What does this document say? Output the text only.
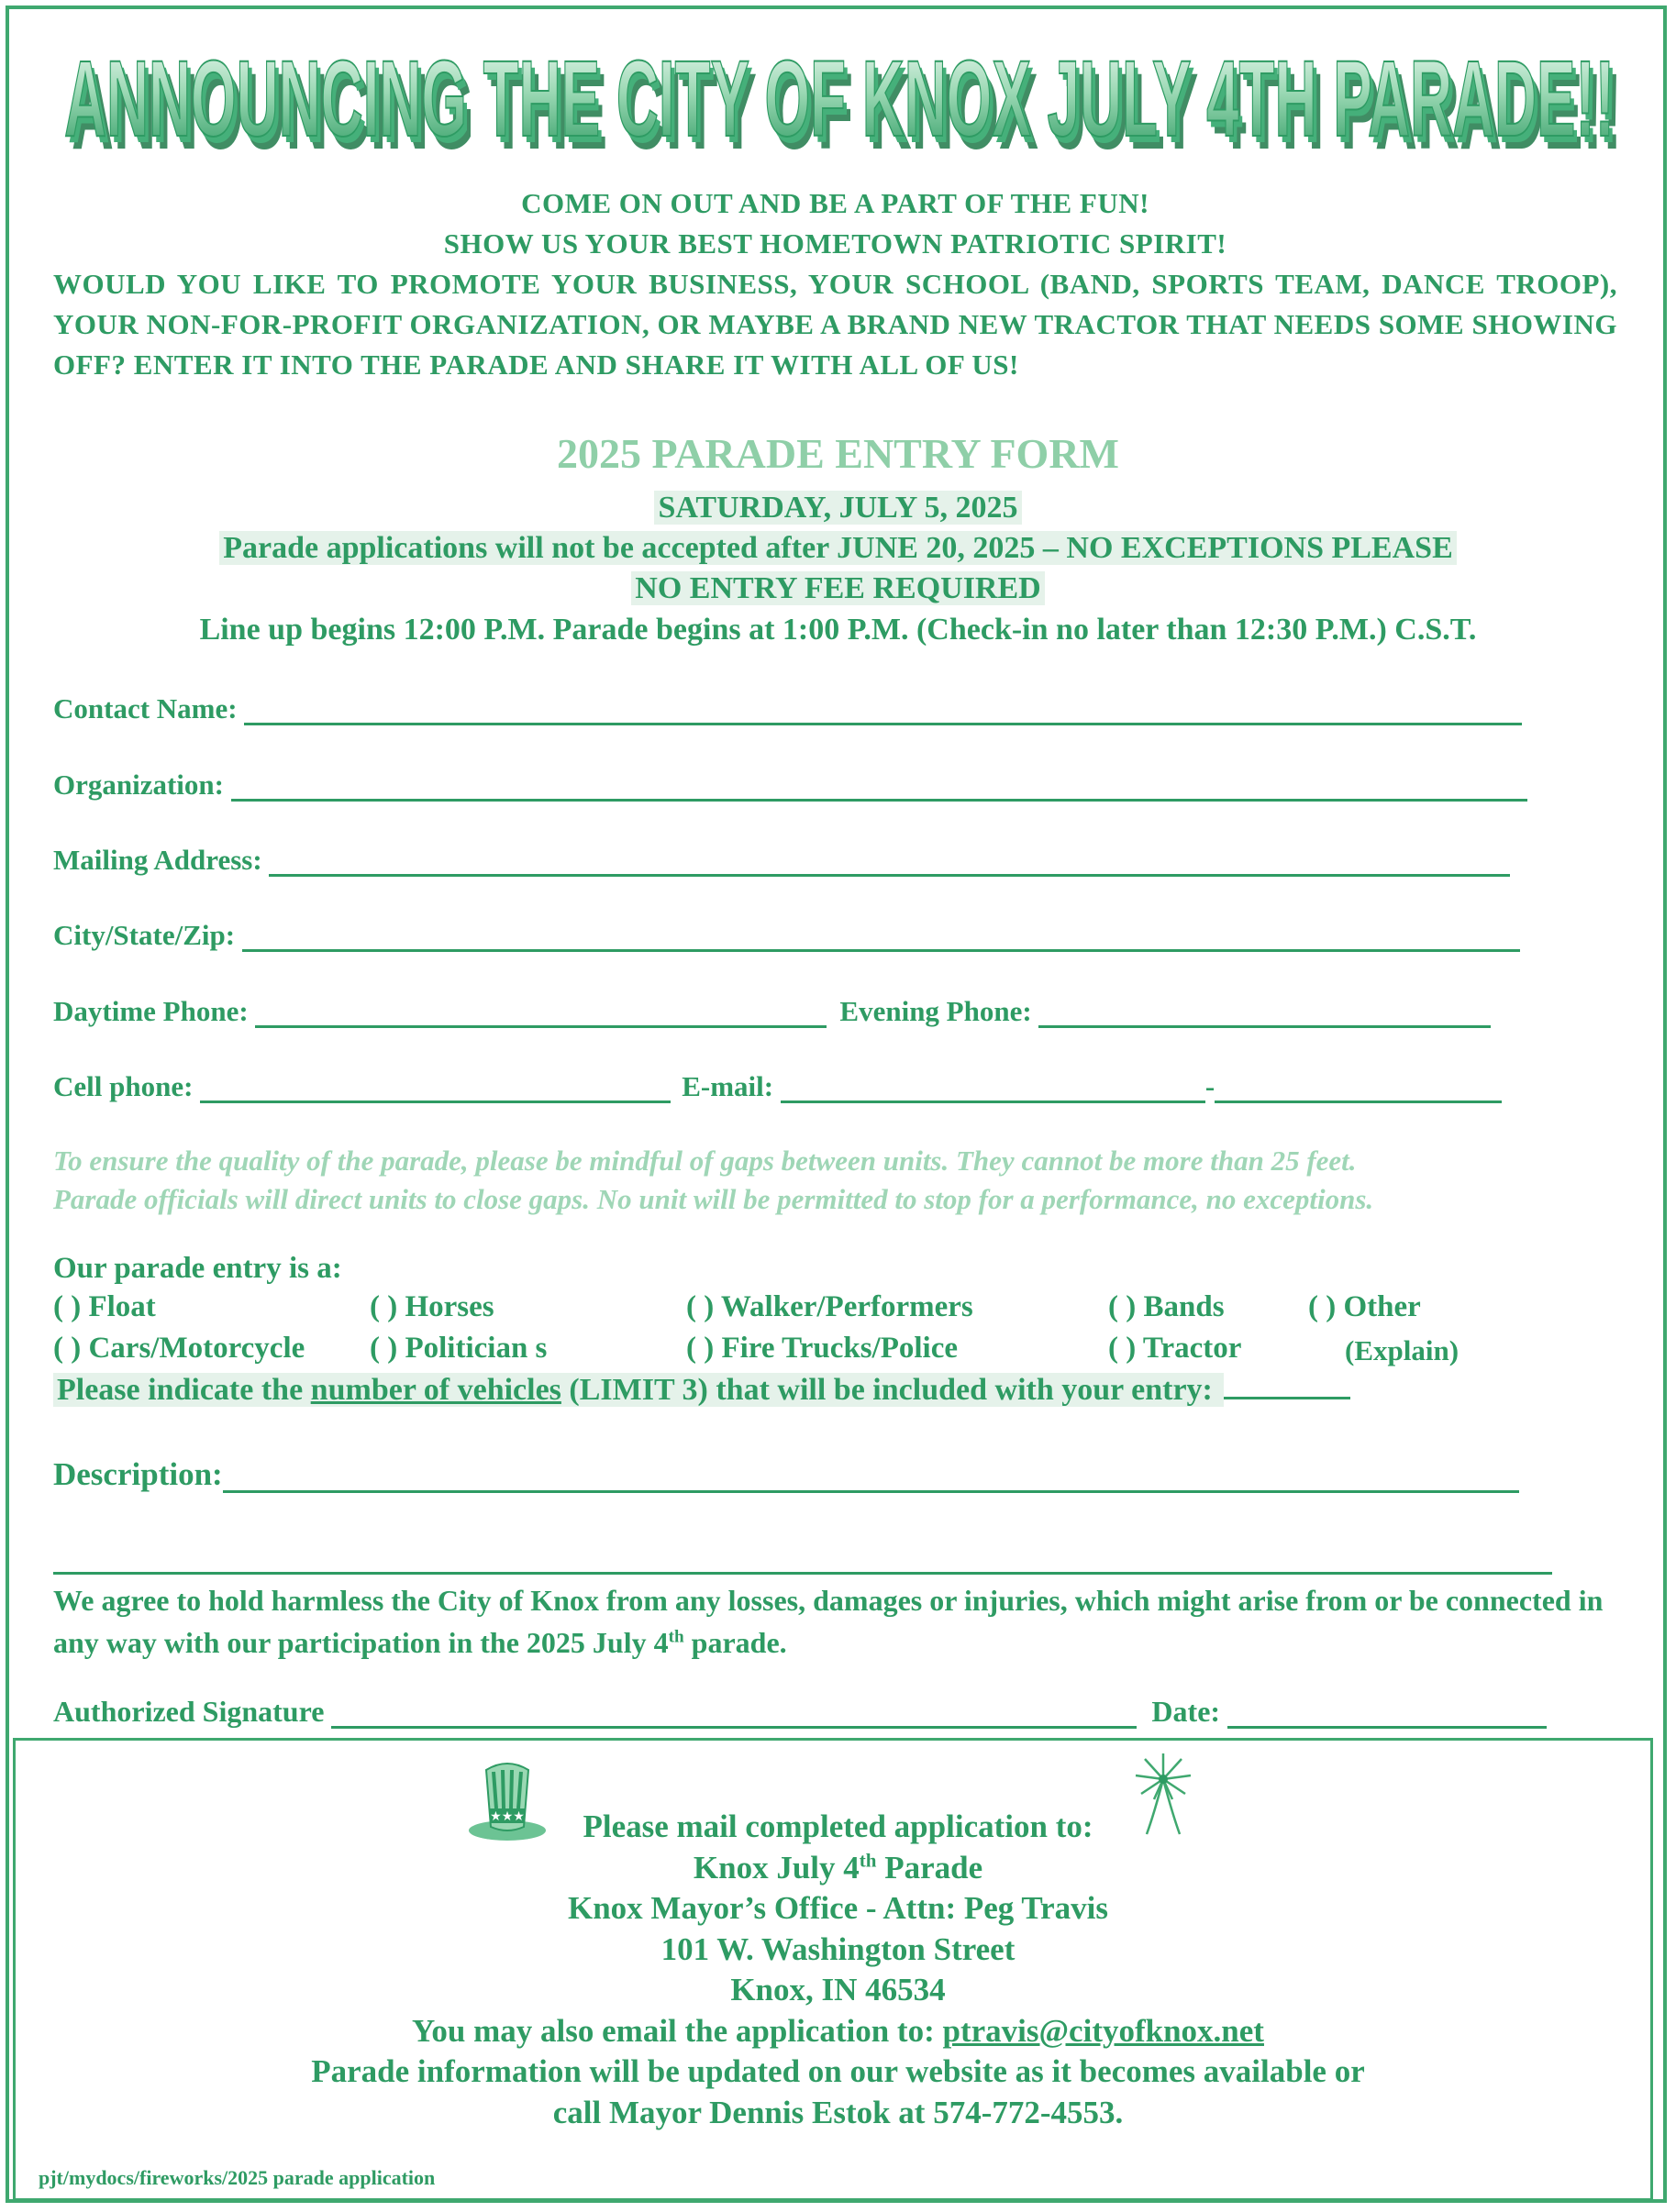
ANNOUNCING THE CITY OF KNOX JULY 4TH PARADE!!
ANNOUNCING THE CITY OF KNOX JULY 4TH PARADE!!
ANNOUNCING THE CITY OF KNOX JULY 4TH PARADE!!
COME ON OUT AND BE A PART OF THE FUN!
SHOW US YOUR BEST HOMETOWN PATRIOTIC SPIRIT!
WOULD YOU LIKE TO PROMOTE YOUR BUSINESS, YOUR SCHOOL (BAND, SPORTS TEAM, DANCE TROOP), YOUR NON-FOR-PROFIT ORGANIZATION, OR MAYBE A BRAND NEW TRACTOR THAT NEEDS SOME SHOWING OFF? ENTER IT INTO THE PARADE AND SHARE IT WITH ALL OF US!
2025 PARADE ENTRY FORM
SATURDAY, JULY 5, 2025
Parade applications will not be accepted after JUNE 20, 2025 – NO EXCEPTIONS PLEASE
NO ENTRY FEE REQUIRED
Line up begins 12:00 P.M. Parade begins at 1:00 P.M. (Check-in no later than 12:30 P.M.) C.S.T.
Contact Name:
Organization:
Mailing Address:
City/State/Zip:
Daytime Phone:	Evening Phone:
Cell phone:	E-mail:	-
To ensure the quality of the parade, please be mindful of gaps between units. They cannot be more than 25 feet.
Parade officials will direct units to close gaps. No unit will be permitted to stop for a performance, no exceptions.
Our parade entry is a:
( ) Float	( ) Horses	( ) Walker/Performers	( ) Bands	( ) Other
( ) Cars/Motorcycle ( ) Politician s	( ) Fire Trucks/Police	( ) Tractor	(Explain)
Please indicate the number of vehicles (LIMIT 3) that will be included with your entry:
Description:
We agree to hold harmless the City of Knox from any losses, damages or injuries, which might arise from or be connected in any way with our participation in the 2025 July 4th parade.
Authorized Signature	Date:
★★★	Please mail completed application to:
Knox July 4th Parade
Knox Mayor’s Office - Attn: Peg Travis
101 W. Washington Street
Knox, IN 46534
You may also email the application to: ptravis@cityofknox.net
Parade information will be updated on our website as it becomes available or
call Mayor Dennis Estok at 574-772-4553.
pjt/mydocs/fireworks/2025 parade application
